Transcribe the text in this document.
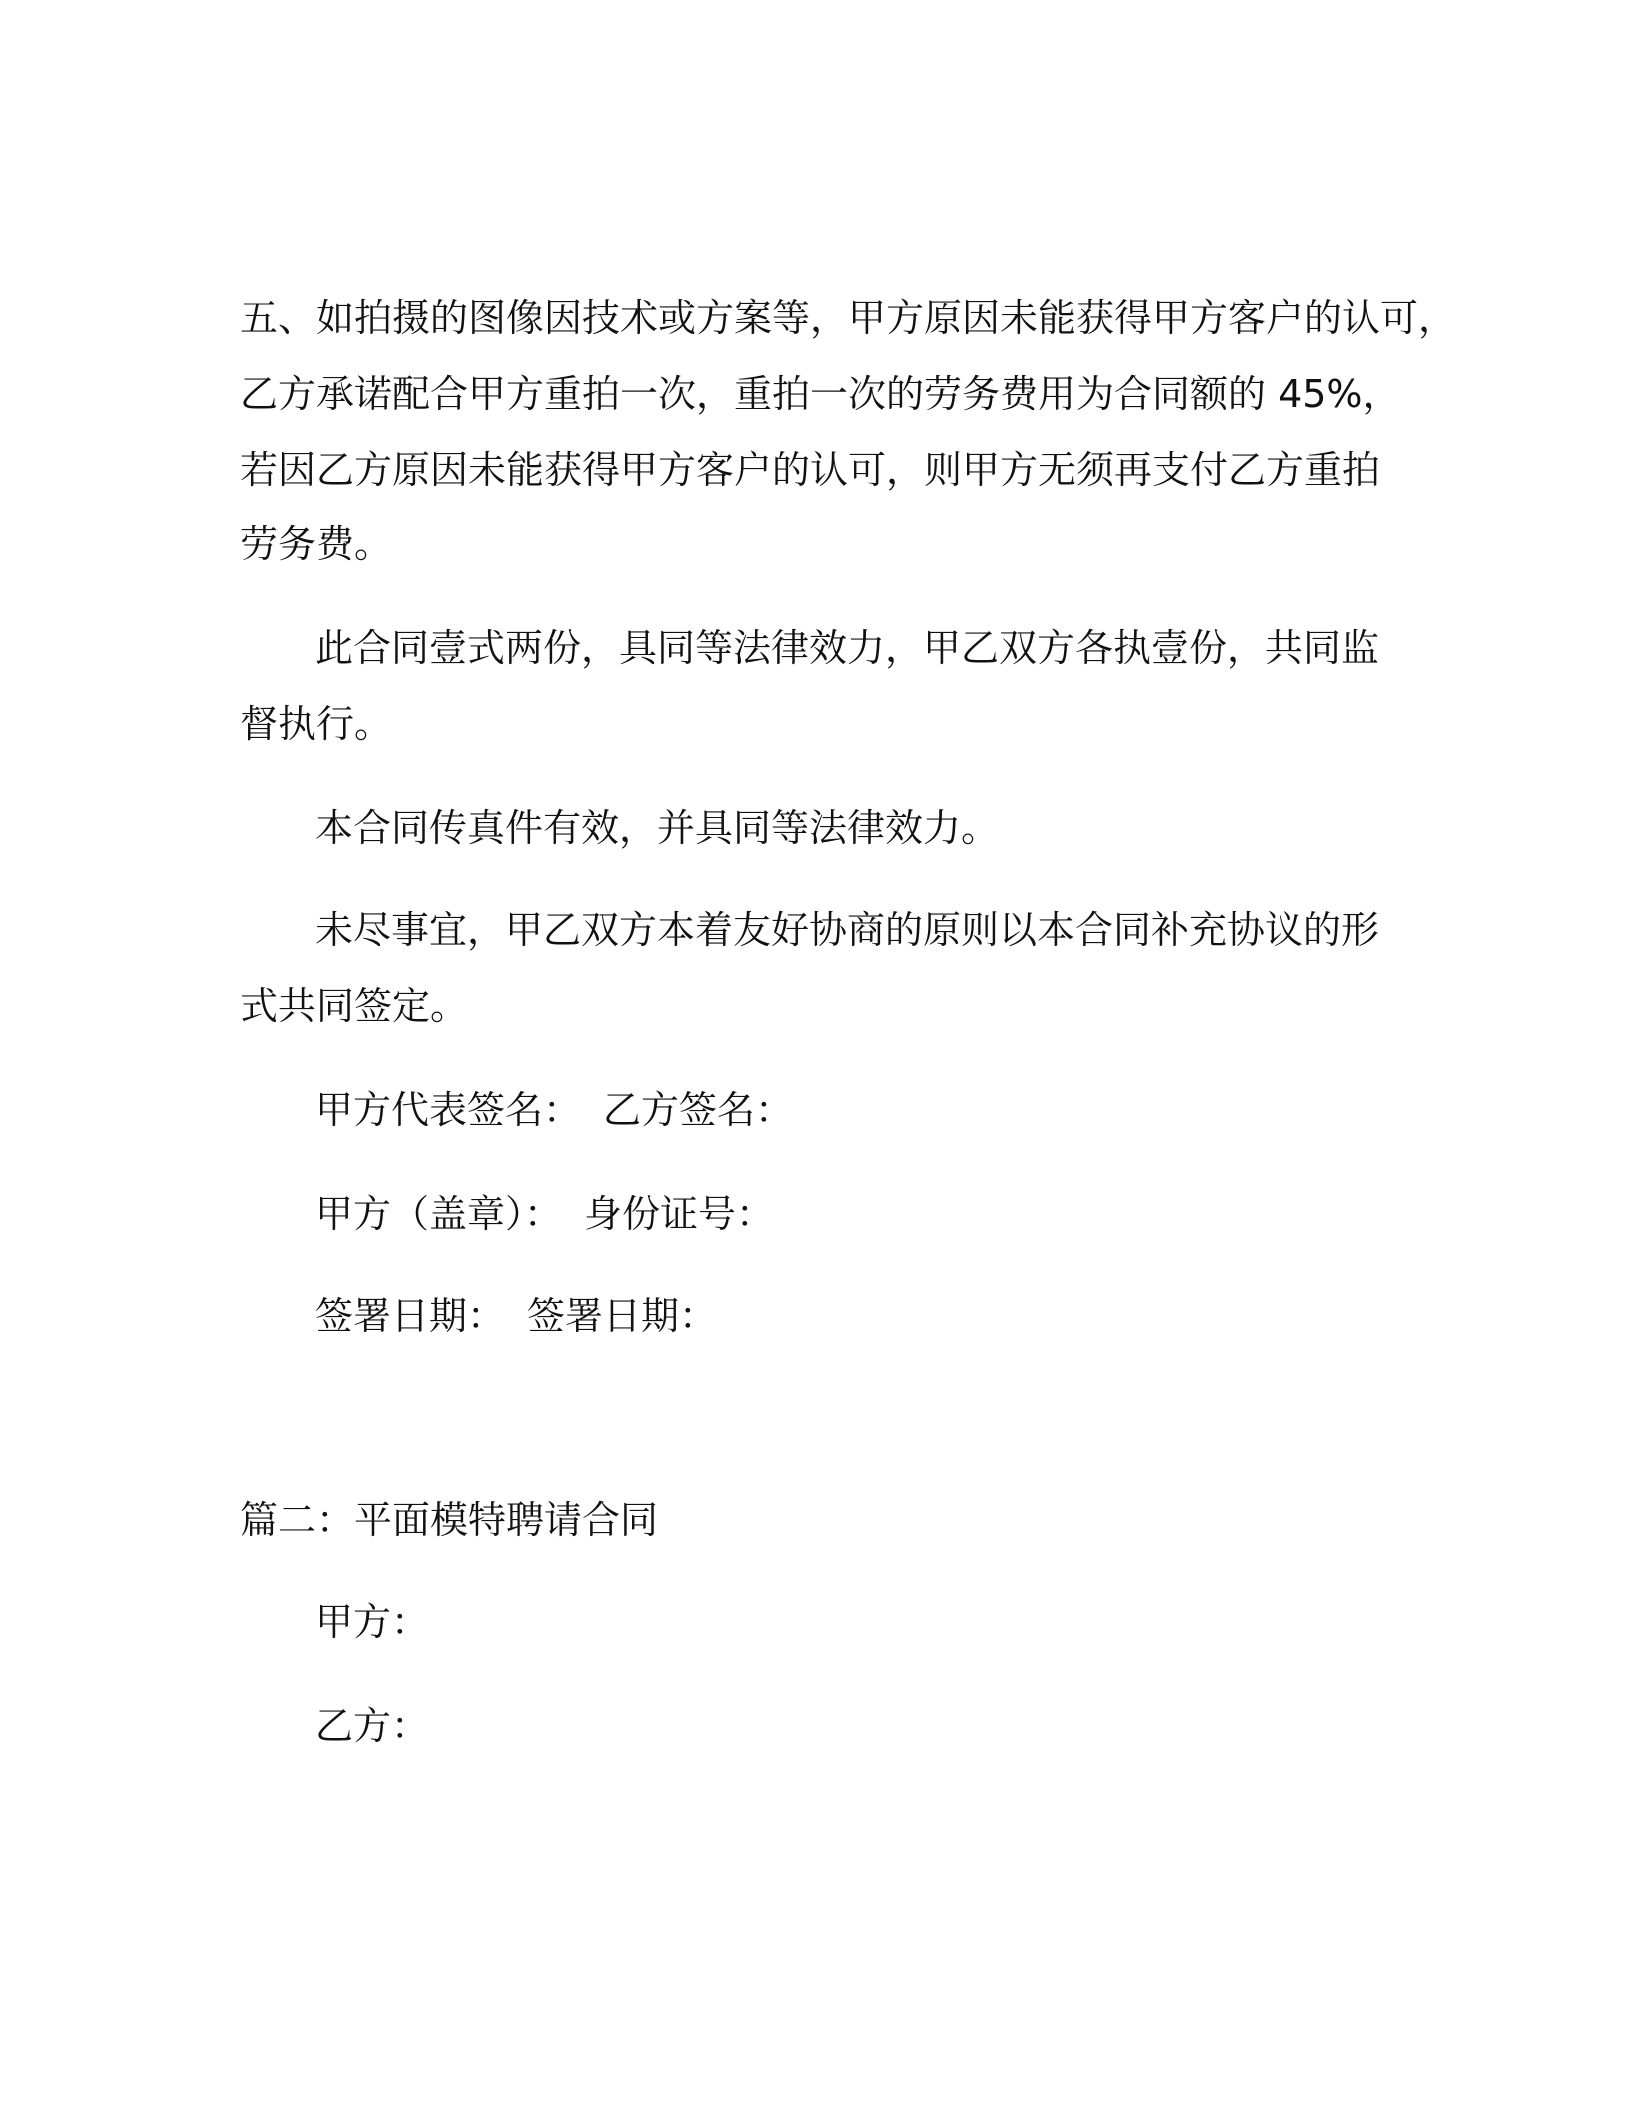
五、如拍摄的图像因技术或方案等，甲方原因未能获得甲方客户的认可，

乙方承诺配合甲方重拍一次，重拍一次的劳务费用为合同额的 45%，

若因乙方原因未能获得甲方客户的认可，则甲方无须再支付乙方重拍

劳务费。

此合同壹式两份，具同等法律效力，甲乙双方各执壹份，共同监

督执行。

本合同传真件有效，并具同等法律效力。

未尽事宜，甲乙双方本着友好协商的原则以本合同补充协议的形

式共同签定。

甲方代表签名： 乙方签名：

甲方（盖章）： 身份证号：

签署日期： 签署日期：

篇二：平面模特聘请合同

甲方：

乙方：
